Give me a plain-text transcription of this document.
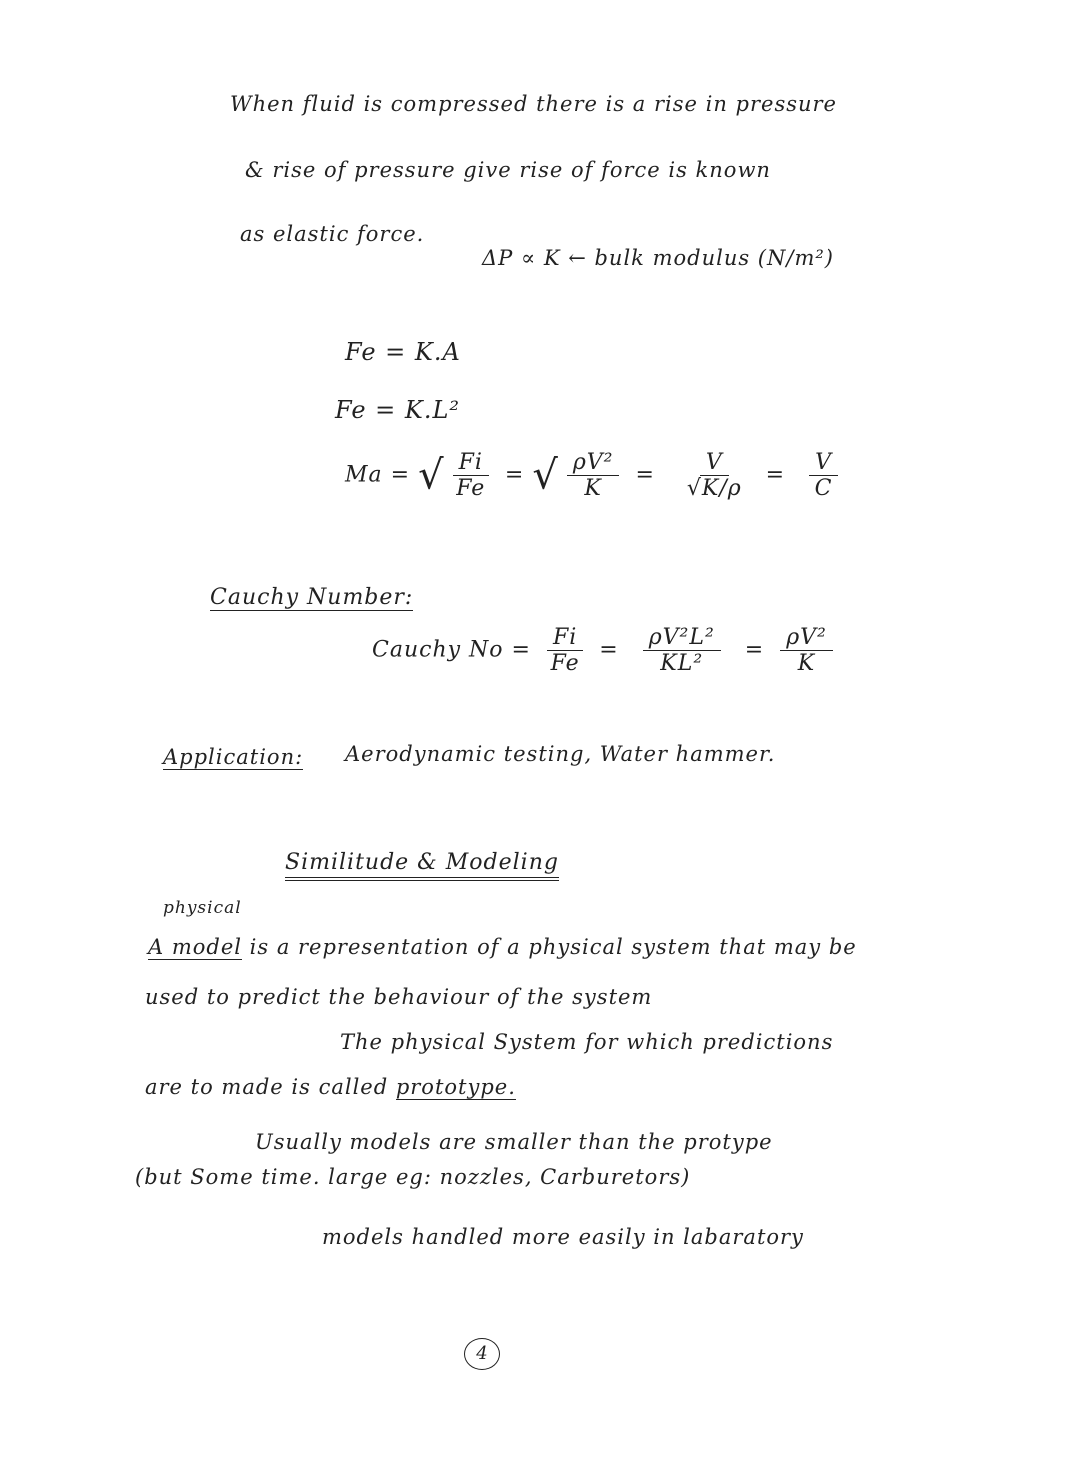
When fluid is compressed there is a rise in pressure
& rise of pressure give rise of force is known
as elastic force.
ΔP ∝ K ← bulk modulus (N/m²)
Fe = K.A
Fe = K.L²
Ma = √ $\frac{Fi}{Fe}$ = √ $\frac{\text{ρV²}}{K} = \frac{V}{√K/\rho} = \frac{V}{C}$
Cauchy Number:
Cauchy $No = \frac{Fi}{Fe} = \frac{\text{ρV²L²}}{\text{KL²}} = \frac{\text{ρV²}}{K}$
Application: Aerodynamic testing, Water hammer.
Similitude & Modeling
physical
A model is a representation of a physical system that may be
used to predict the behaviour of the system
The physical System for which predictions
are to made is called prototype.
Usually models are smaller than the protype
(but Some time. large eg: nozzles, Carburetors)
models handled more easily in labaratory
4
